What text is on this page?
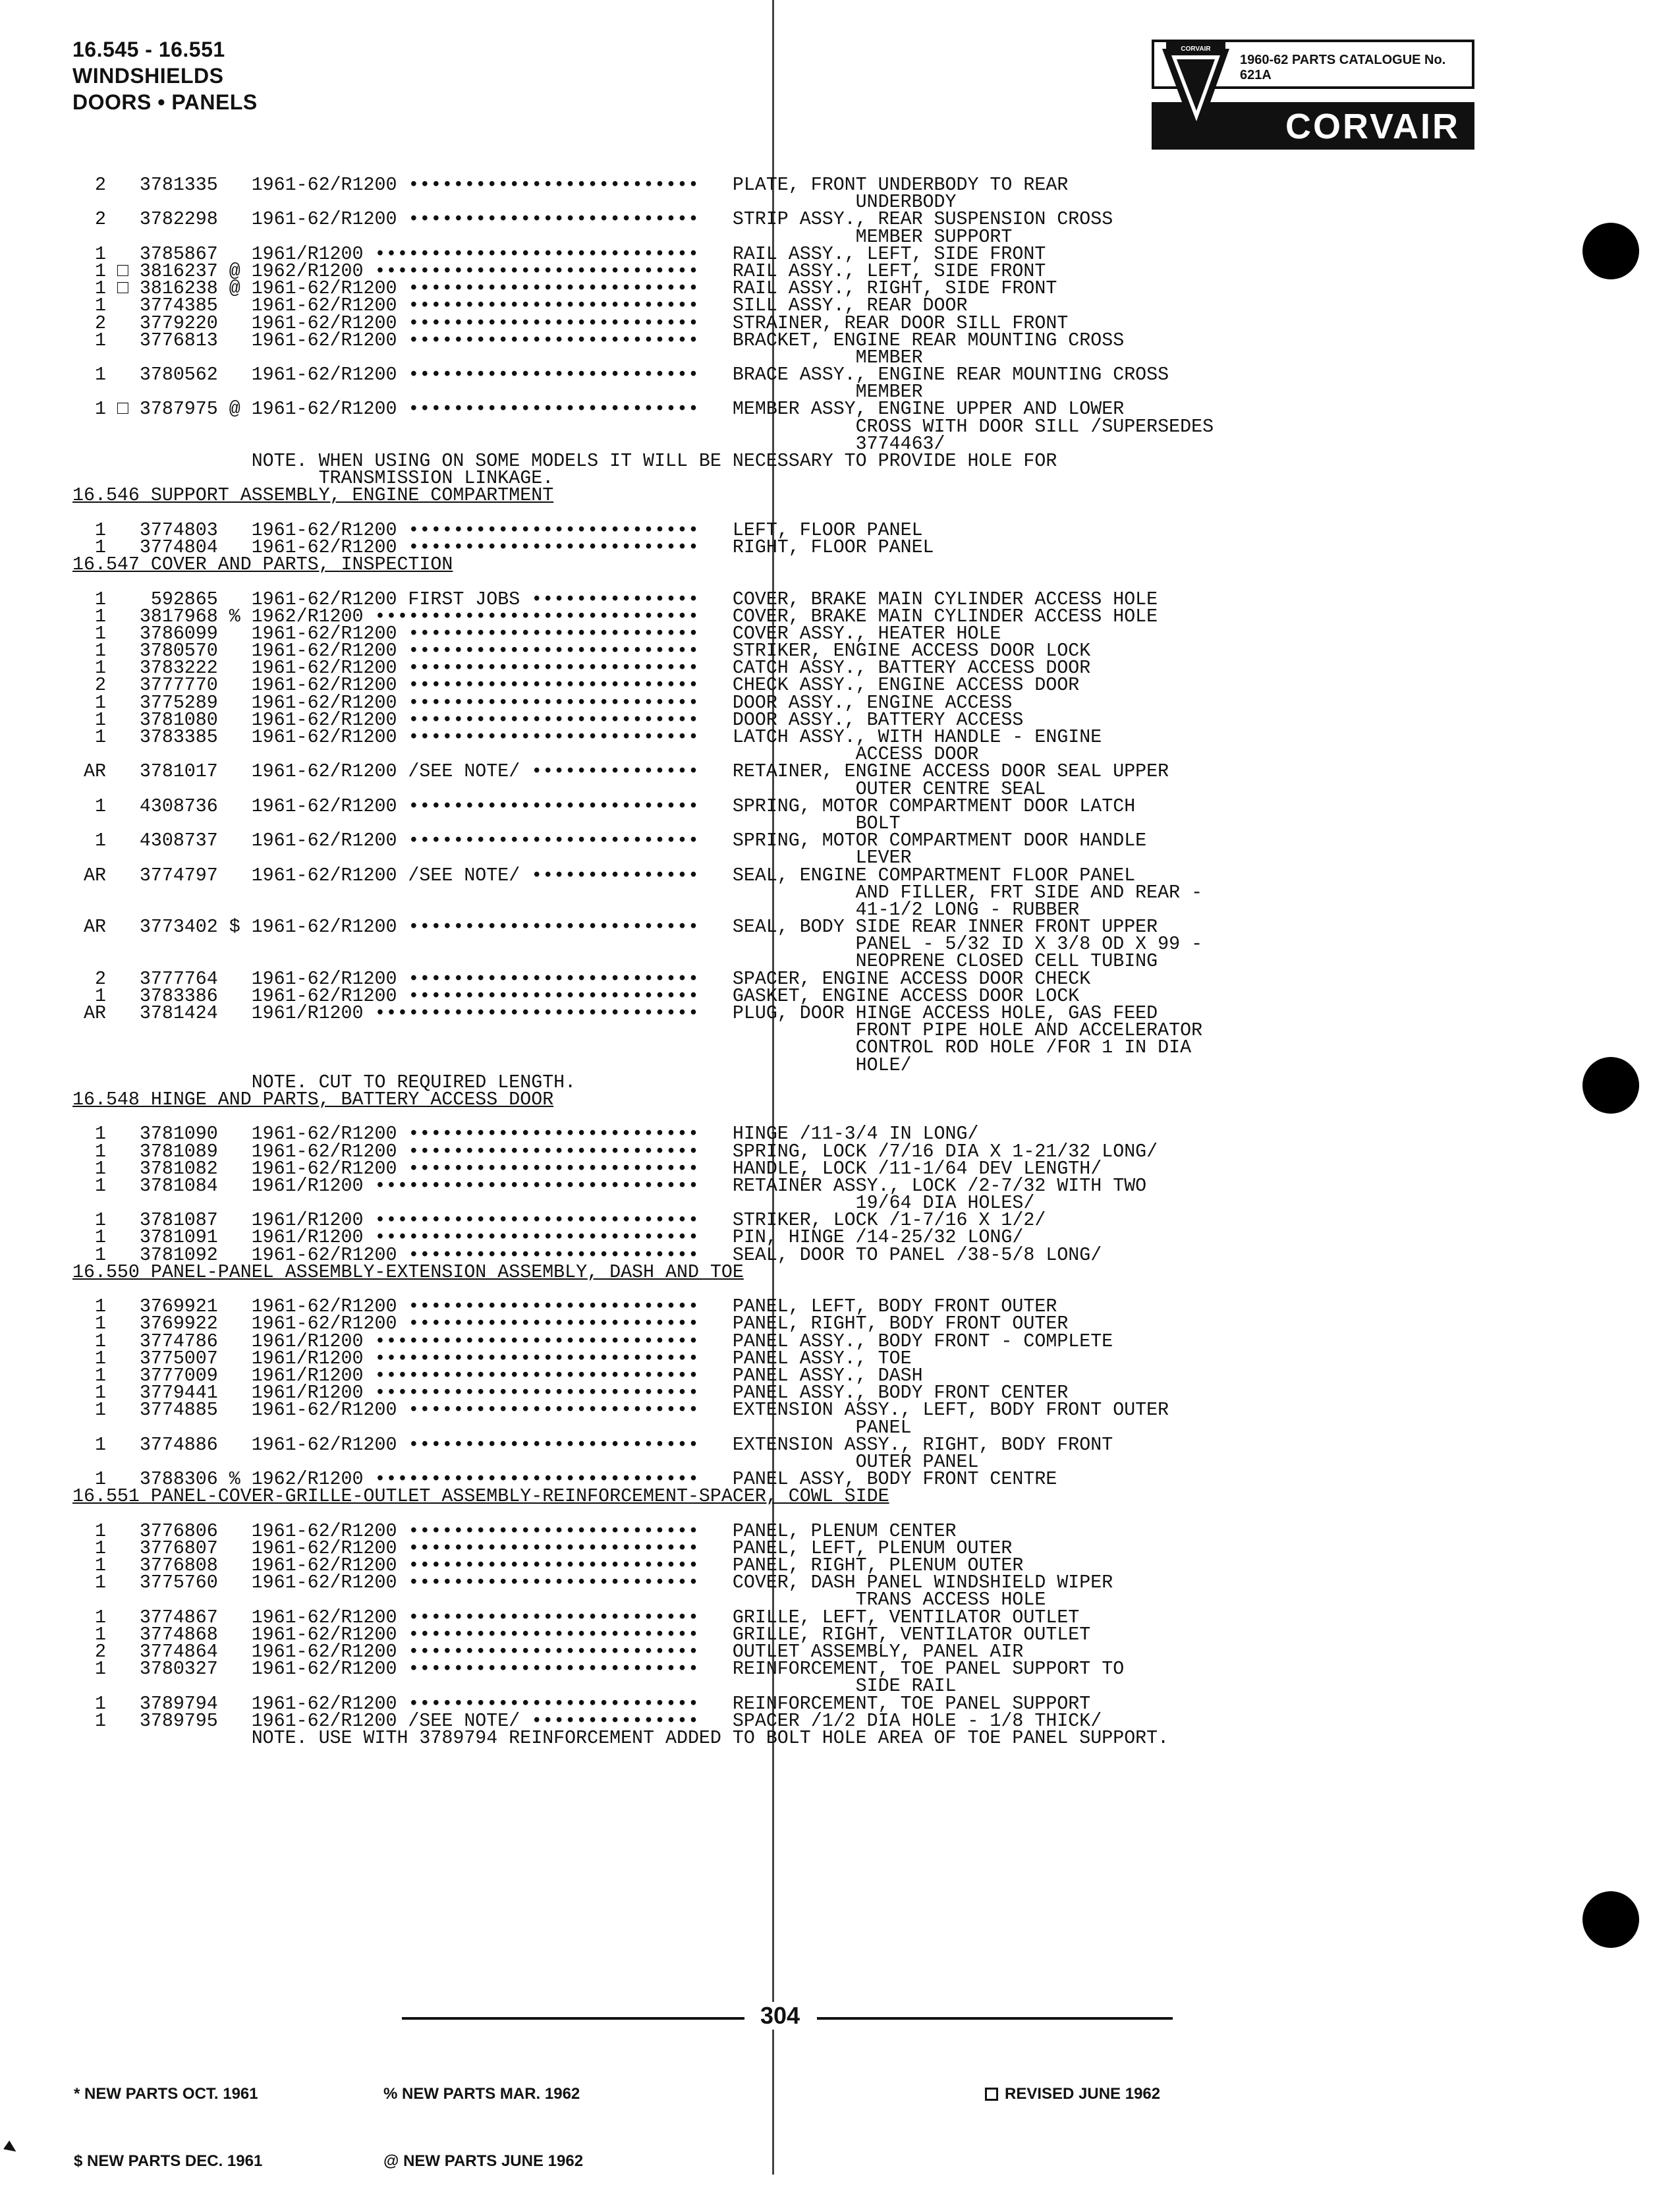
16.545 - 16.551
WINDSHIELDS
DOORS • PANELS
1960-62 PARTS CATALOGUE No. 621A
CORVAIR
CORVAIR
2   3781335   1961-62/R1200 ••••••••••••••••••••••••••   PLATE, FRONT UNDERBODY TO REAR
UNDERBODY
2   3782298   1961-62/R1200 ••••••••••••••••••••••••••   STRIP ASSY., REAR SUSPENSION CROSS
MEMBER SUPPORT
1   3785867   1961/R1200 •••••••••••••••••••••••••••••   RAIL ASSY., LEFT, SIDE FRONT
1 □ 3816237 @ 1962/R1200 •••••••••••••••••••••••••••••   RAIL ASSY., LEFT, SIDE FRONT
1 □ 3816238 @ 1961-62/R1200 ••••••••••••••••••••••••••   RAIL ASSY., RIGHT, SIDE FRONT
1   3774385   1961-62/R1200 ••••••••••••••••••••••••••   SILL ASSY., REAR DOOR
2   3779220   1961-62/R1200 ••••••••••••••••••••••••••   STRAINER, REAR DOOR SILL FRONT
1   3776813   1961-62/R1200 ••••••••••••••••••••••••••   BRACKET, ENGINE REAR MOUNTING CROSS
MEMBER
1   3780562   1961-62/R1200 ••••••••••••••••••••••••••   BRACE ASSY., ENGINE REAR MOUNTING CROSS
MEMBER
1 □ 3787975 @ 1961-62/R1200 ••••••••••••••••••••••••••   MEMBER ASSY, ENGINE UPPER AND LOWER
CROSS WITH DOOR SILL /SUPERSEDES
3774463/
NOTE. WHEN USING ON SOME MODELS IT WILL BE NECESSARY TO PROVIDE HOLE FOR
TRANSMISSION LINKAGE.
16.546 SUPPORT ASSEMBLY, ENGINE COMPARTMENT
1   3774803   1961-62/R1200 ••••••••••••••••••••••••••   LEFT, FLOOR PANEL
1   3774804   1961-62/R1200 ••••••••••••••••••••••••••   RIGHT, FLOOR PANEL
16.547 COVER AND PARTS, INSPECTION
1    592865   1961-62/R1200 FIRST JOBS •••••••••••••••   COVER, BRAKE MAIN CYLINDER ACCESS HOLE
1   3817968 % 1962/R1200 •••••••••••••••••••••••••••••   COVER, BRAKE MAIN CYLINDER ACCESS HOLE
1   3786099   1961-62/R1200 ••••••••••••••••••••••••••   COVER ASSY., HEATER HOLE
1   3780570   1961-62/R1200 ••••••••••••••••••••••••••   STRIKER, ENGINE ACCESS DOOR LOCK
1   3783222   1961-62/R1200 ••••••••••••••••••••••••••   CATCH ASSY., BATTERY ACCESS DOOR
2   3777770   1961-62/R1200 ••••••••••••••••••••••••••   CHECK ASSY., ENGINE ACCESS DOOR
1   3775289   1961-62/R1200 ••••••••••••••••••••••••••   DOOR ASSY., ENGINE ACCESS
1   3781080   1961-62/R1200 ••••••••••••••••••••••••••   DOOR ASSY., BATTERY ACCESS
1   3783385   1961-62/R1200 ••••••••••••••••••••••••••   LATCH ASSY., WITH HANDLE - ENGINE
ACCESS DOOR
AR   3781017   1961-62/R1200 /SEE NOTE/ •••••••••••••••   RETAINER, ENGINE ACCESS DOOR SEAL UPPER
OUTER CENTRE SEAL
1   4308736   1961-62/R1200 ••••••••••••••••••••••••••   SPRING, MOTOR COMPARTMENT DOOR LATCH
BOLT
1   4308737   1961-62/R1200 ••••••••••••••••••••••••••   SPRING, MOTOR COMPARTMENT DOOR HANDLE
LEVER
AR   3774797   1961-62/R1200 /SEE NOTE/ •••••••••••••••   SEAL, ENGINE COMPARTMENT FLOOR PANEL
AND FILLER, FRT SIDE AND REAR -
41-1/2 LONG - RUBBER
AR   3773402 $ 1961-62/R1200 ••••••••••••••••••••••••••   SEAL, BODY SIDE REAR INNER FRONT UPPER
PANEL - 5/32 ID X 3/8 OD X 99 -
NEOPRENE CLOSED CELL TUBING
2   3777764   1961-62/R1200 ••••••••••••••••••••••••••   SPACER, ENGINE ACCESS DOOR CHECK
1   3783386   1961-62/R1200 ••••••••••••••••••••••••••   GASKET, ENGINE ACCESS DOOR LOCK
AR   3781424   1961/R1200 •••••••••••••••••••••••••••••   PLUG, DOOR HINGE ACCESS HOLE, GAS FEED
FRONT PIPE HOLE AND ACCELERATOR
CONTROL ROD HOLE /FOR 1 IN DIA
HOLE/
NOTE. CUT TO REQUIRED LENGTH.
16.548 HINGE AND PARTS, BATTERY ACCESS DOOR
1   3781090   1961-62/R1200 ••••••••••••••••••••••••••   HINGE /11-3/4 IN LONG/
1   3781089   1961-62/R1200 ••••••••••••••••••••••••••   SPRING, LOCK /7/16 DIA X 1-21/32 LONG/
1   3781082   1961-62/R1200 ••••••••••••••••••••••••••   HANDLE, LOCK /11-1/64 DEV LENGTH/
1   3781084   1961/R1200 •••••••••••••••••••••••••••••   RETAINER ASSY., LOCK /2-7/32 WITH TWO
19/64 DIA HOLES/
1   3781087   1961/R1200 •••••••••••••••••••••••••••••   STRIKER, LOCK /1-7/16 X 1/2/
1   3781091   1961/R1200 •••••••••••••••••••••••••••••   PIN, HINGE /14-25/32 LONG/
1   3781092   1961-62/R1200 ••••••••••••••••••••••••••   SEAL, DOOR TO PANEL /38-5/8 LONG/
16.550 PANEL-PANEL ASSEMBLY-EXTENSION ASSEMBLY, DASH AND TOE
1   3769921   1961-62/R1200 ••••••••••••••••••••••••••   PANEL, LEFT, BODY FRONT OUTER
1   3769922   1961-62/R1200 ••••••••••••••••••••••••••   PANEL, RIGHT, BODY FRONT OUTER
1   3774786   1961/R1200 •••••••••••••••••••••••••••••   PANEL ASSY., BODY FRONT - COMPLETE
1   3775007   1961/R1200 •••••••••••••••••••••••••••••   PANEL ASSY., TOE
1   3777009   1961/R1200 •••••••••••••••••••••••••••••   PANEL ASSY., DASH
1   3779441   1961/R1200 •••••••••••••••••••••••••••••   PANEL ASSY., BODY FRONT CENTER
1   3774885   1961-62/R1200 ••••••••••••••••••••••••••   EXTENSION ASSY., LEFT, BODY FRONT OUTER
PANEL
1   3774886   1961-62/R1200 ••••••••••••••••••••••••••   EXTENSION ASSY., RIGHT, BODY FRONT
OUTER PANEL
1   3788306 % 1962/R1200 •••••••••••••••••••••••••••••   PANEL ASSY, BODY FRONT CENTRE
16.551 PANEL-COVER-GRILLE-OUTLET ASSEMBLY-REINFORCEMENT-SPACER, COWL SIDE
1   3776806   1961-62/R1200 ••••••••••••••••••••••••••   PANEL, PLENUM CENTER
1   3776807   1961-62/R1200 ••••••••••••••••••••••••••   PANEL, LEFT, PLENUM OUTER
1   3776808   1961-62/R1200 ••••••••••••••••••••••••••   PANEL, RIGHT, PLENUM OUTER
1   3775760   1961-62/R1200 ••••••••••••••••••••••••••   COVER, DASH PANEL WINDSHIELD WIPER
TRANS ACCESS HOLE
1   3774867   1961-62/R1200 ••••••••••••••••••••••••••   GRILLE, LEFT, VENTILATOR OUTLET
1   3774868   1961-62/R1200 ••••••••••••••••••••••••••   GRILLE, RIGHT, VENTILATOR OUTLET
2   3774864   1961-62/R1200 ••••••••••••••••••••••••••   OUTLET ASSEMBLY, PANEL AIR
1   3780327   1961-62/R1200 ••••••••••••••••••••••••••   REINFORCEMENT, TOE PANEL SUPPORT TO
SIDE RAIL
1   3789794   1961-62/R1200 ••••••••••••••••••••••••••   REINFORCEMENT, TOE PANEL SUPPORT
1   3789795   1961-62/R1200 /SEE NOTE/ •••••••••••••••   SPACER /1/2 DIA HOLE - 1/8 THICK/
NOTE. USE WITH 3789794 REINFORCEMENT ADDED TO BOLT HOLE AREA OF TOE PANEL SUPPORT.
304

* NEW PARTS OCT. 1961

$ NEW PARTS DEC. 1961

% NEW PARTS MAR. 1962

@ NEW PARTS JUNE 1962

REVISED JUNE 1962
